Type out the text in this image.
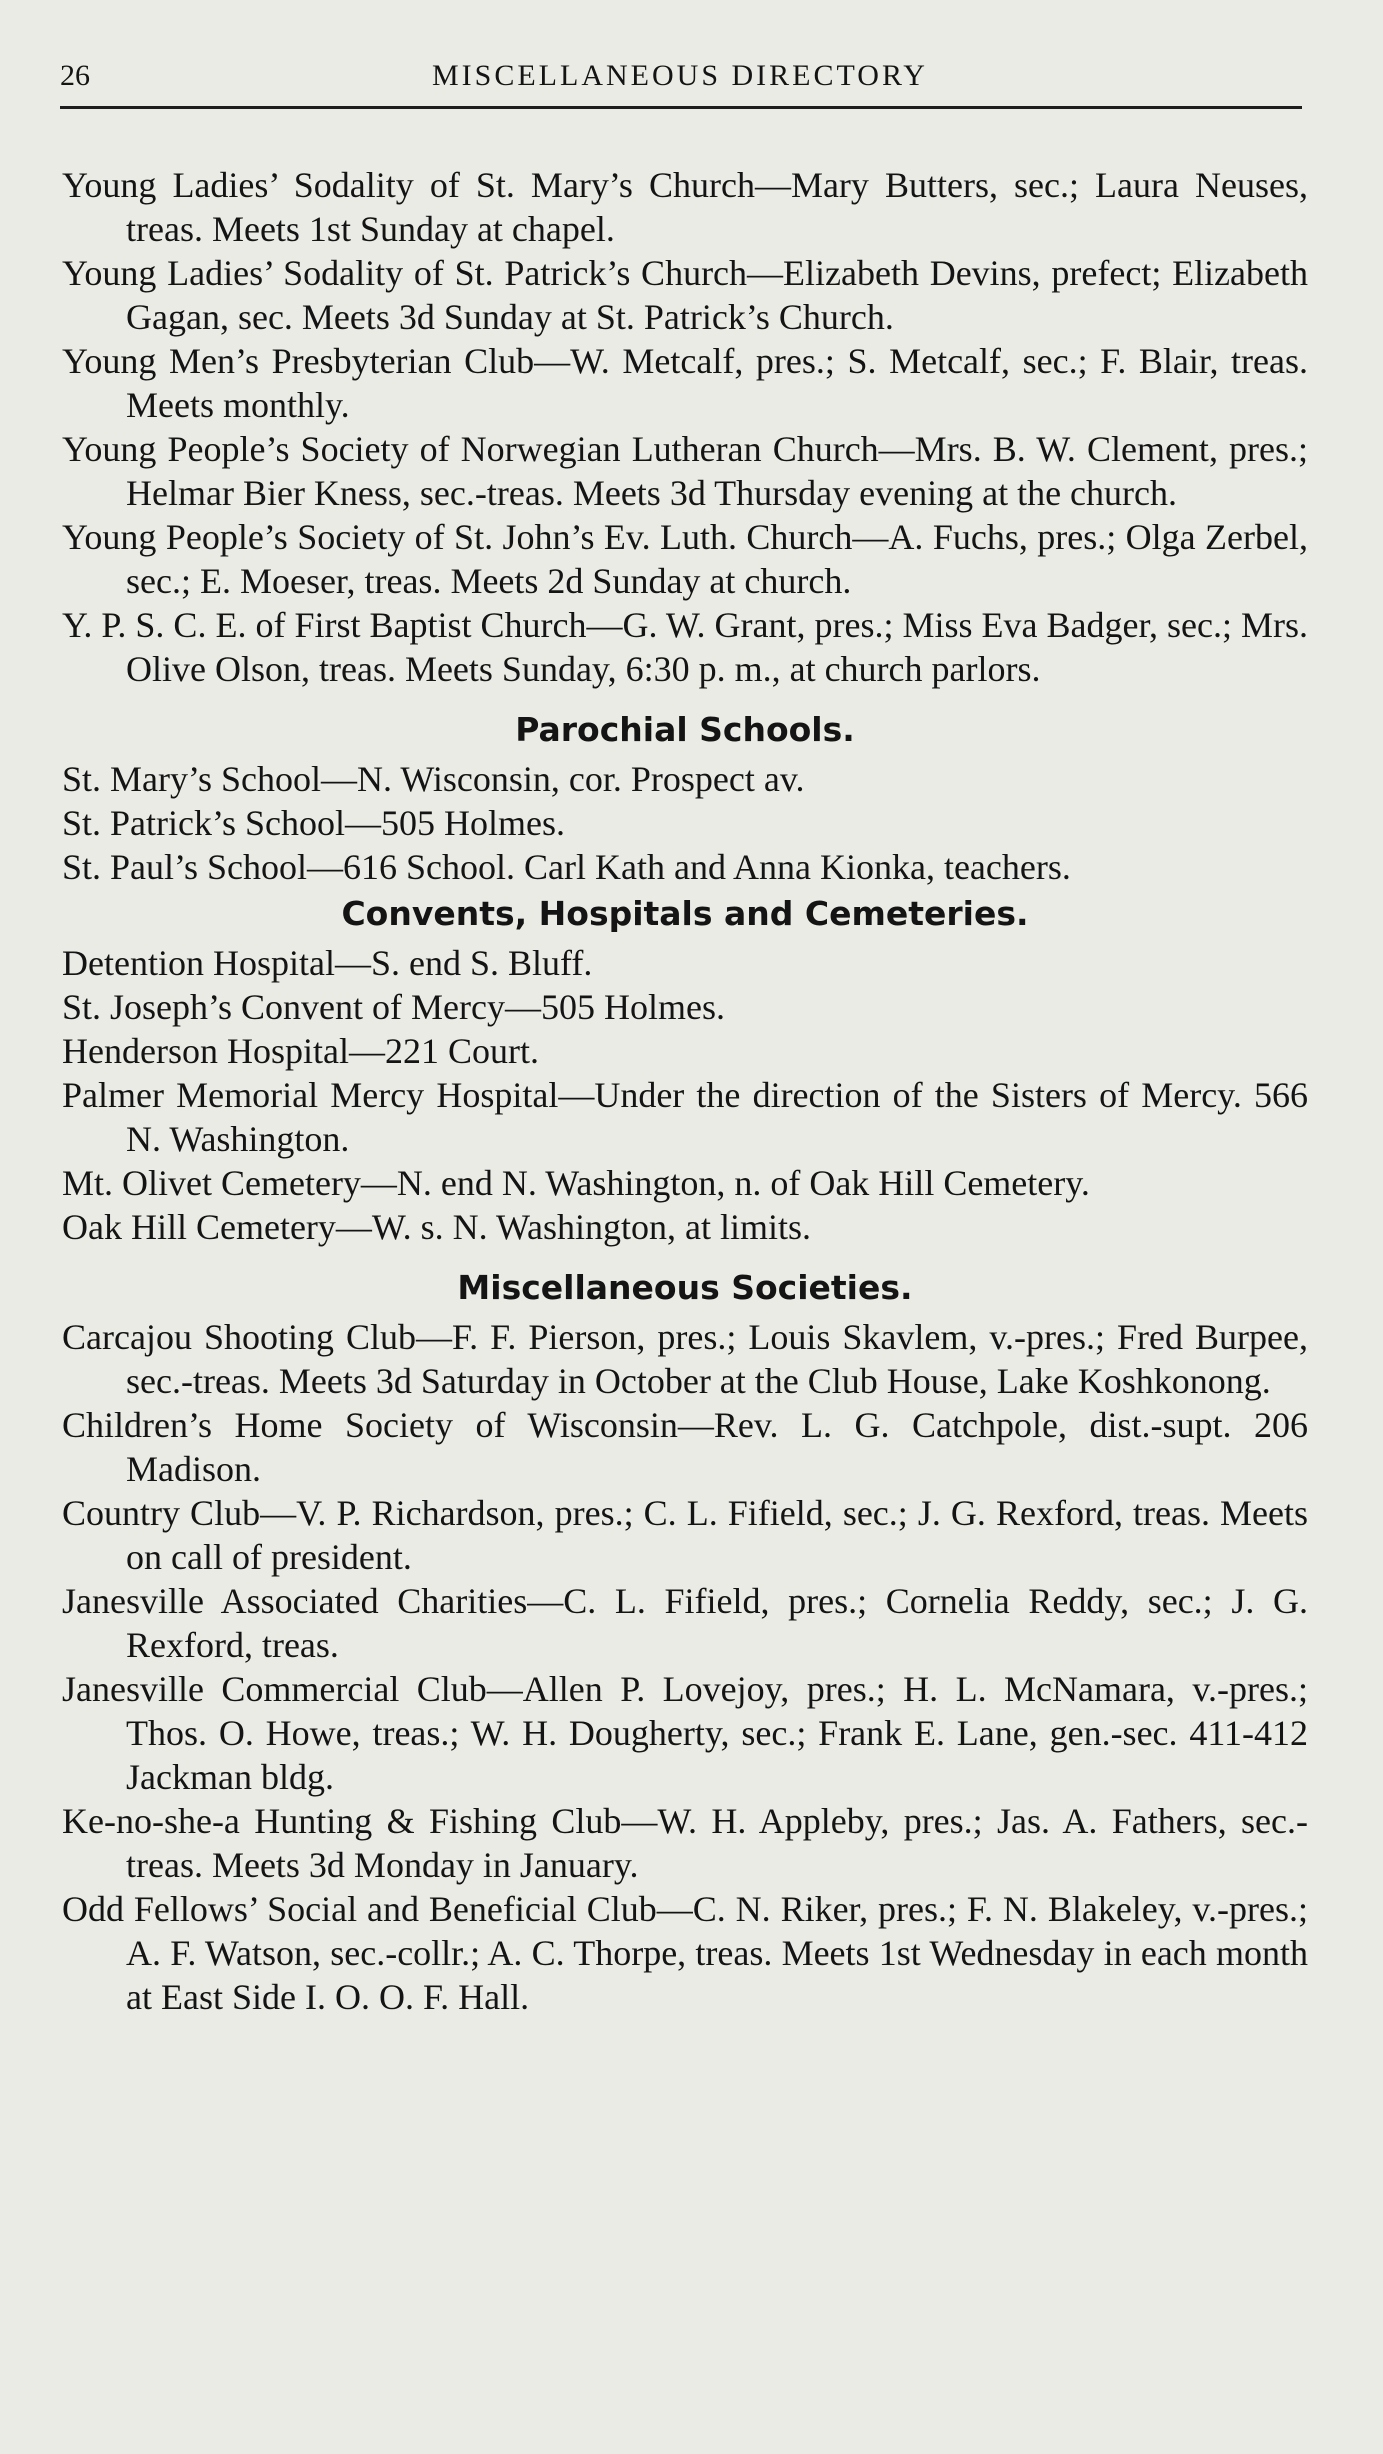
26	MISCELLANEOUS DIRECTORY

Young Ladies’ Sodality of St. Mary’s Church—Mary Butters, sec.; Laura Neuses, treas. Meets 1st Sunday at chapel.

Young Ladies’ Sodality of St. Patrick’s Church—Elizabeth Devins, prefect; Elizabeth Gagan, sec. Meets 3d Sunday at St. Patrick’s Church.

Young Men’s Presbyterian Club—W. Metcalf, pres.; S. Metcalf, sec.; F. Blair, treas. Meets monthly.

Young People’s Society of Norwegian Lutheran Church—Mrs. B. W. Clement, pres.; Helmar Bier Kness, sec.-treas. Meets 3d Thursday evening at the church.

Young People’s Society of St. John’s Ev. Luth. Church—A. Fuchs, pres.; Olga Zerbel, sec.; E. Moeser, treas. Meets 2d Sunday at church.

Y. P. S. C. E. of First Baptist Church—G. W. Grant, pres.; Miss Eva Badger, sec.; Mrs. Olive Olson, treas. Meets Sunday, 6:30 p. m., at church parlors.

Parochial Schools.

St. Mary’s School—N. Wisconsin, cor. Prospect av.

St. Patrick’s School—505 Holmes.

St. Paul’s School—616 School. Carl Kath and Anna Kionka, teachers.

Convents, Hospitals and Cemeteries.

Detention Hospital—S. end S. Bluff.

St. Joseph’s Convent of Mercy—505 Holmes.

Henderson Hospital—221 Court.

Palmer Memorial Mercy Hospital—Under the direction of the Sisters of Mercy. 566 N. Washington.

Mt. Olivet Cemetery—N. end N. Washington, n. of Oak Hill Cemetery.

Oak Hill Cemetery—W. s. N. Washington, at limits.

Miscellaneous Societies.

Carcajou Shooting Club—F. F. Pierson, pres.; Louis Skavlem, v.-pres.; Fred Burpee, sec.-treas. Meets 3d Saturday in October at the Club House, Lake Koshkonong.

Children’s Home Society of Wisconsin—Rev. L. G. Catchpole, dist.-supt. 206 Madison.

Country Club—V. P. Richardson, pres.; C. L. Fifield, sec.; J. G. Rexford, treas. Meets on call of president.

Janesville Associated Charities—C. L. Fifield, pres.; Cornelia Reddy, sec.; J. G. Rexford, treas.

Janesville Commercial Club—Allen P. Lovejoy, pres.; H. L. McNamara, v.-pres.; Thos. O. Howe, treas.; W. H. Dougherty, sec.; Frank E. Lane, gen.-sec. 411-412 Jackman bldg.

Ke-no-she-a Hunting & Fishing Club—W. H. Appleby, pres.; Jas. A. Fathers, sec.-treas. Meets 3d Monday in January.

Odd Fellows’ Social and Beneficial Club—C. N. Riker, pres.; F. N. Blakeley, v.-pres.; A. F. Watson, sec.-collr.; A. C. Thorpe, treas. Meets 1st Wednesday in each month at East Side I. O. O. F. Hall.
